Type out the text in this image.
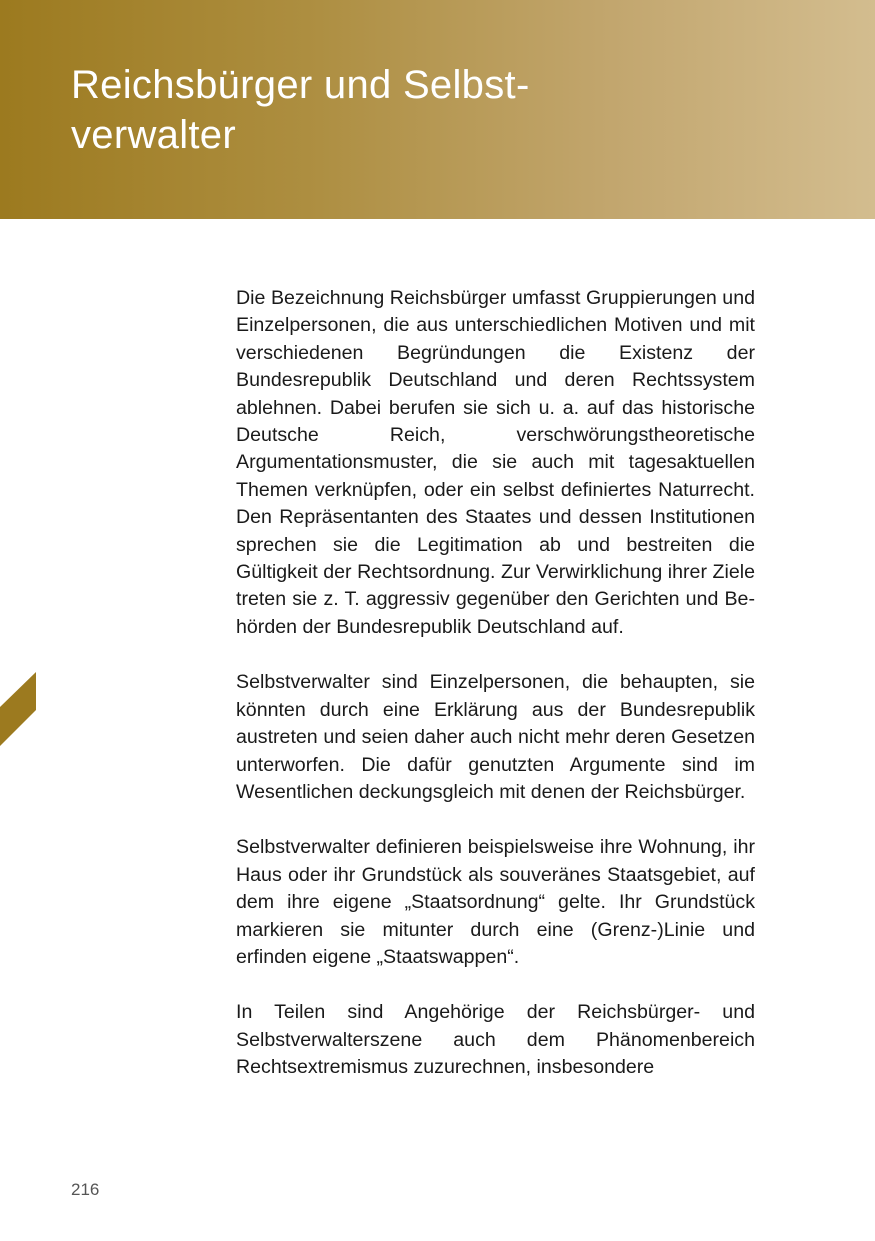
Reichsbürger und Selbstverwalter

Die Bezeichnung Reichsbürger umfasst Gruppierungen und Einzelpersonen, die aus unterschiedlichen Motiven und mit verschiedenen Begründungen die Existenz der Bundesrepublik Deutschland und deren Rechtssystem ablehnen. Dabei berufen sie sich u. a. auf das historische Deutsche Reich, verschwörungstheoretische Argumentationsmuster, die sie auch mit tagesaktuellen Themen verknüpfen, oder ein selbst definiertes Naturrecht. Den Repräsentanten des Staates und dessen Institutionen sprechen sie die Legitimation ab und bestreiten die Gültigkeit der Rechtsordnung. Zur Verwirklichung ihrer Ziele treten sie z. T. aggressiv gegenüber den Gerichten und Behörden der Bundesrepublik Deutschland auf.

Selbstverwalter sind Einzelpersonen, die behaupten, sie könnten durch eine Erklärung aus der Bundesrepublik austreten und seien daher auch nicht mehr deren Gesetzen unterworfen. Die dafür genutzten Argumente sind im Wesentlichen deckungsgleich mit denen der Reichsbürger.

Selbstverwalter definieren beispielsweise ihre Wohnung, ihr Haus oder ihr Grundstück als souveränes Staatsgebiet, auf dem ihre eigene „Staatsordnung“ gelte. Ihr Grundstück markieren sie mitunter durch eine (Grenz-)Linie und erfinden eigene „Staatswappen“.

In Teilen sind Angehörige der Reichsbürger- und Selbstverwalterszene auch dem Phänomenbereich Rechtsextremismus zuzurechnen, insbesondere

216
